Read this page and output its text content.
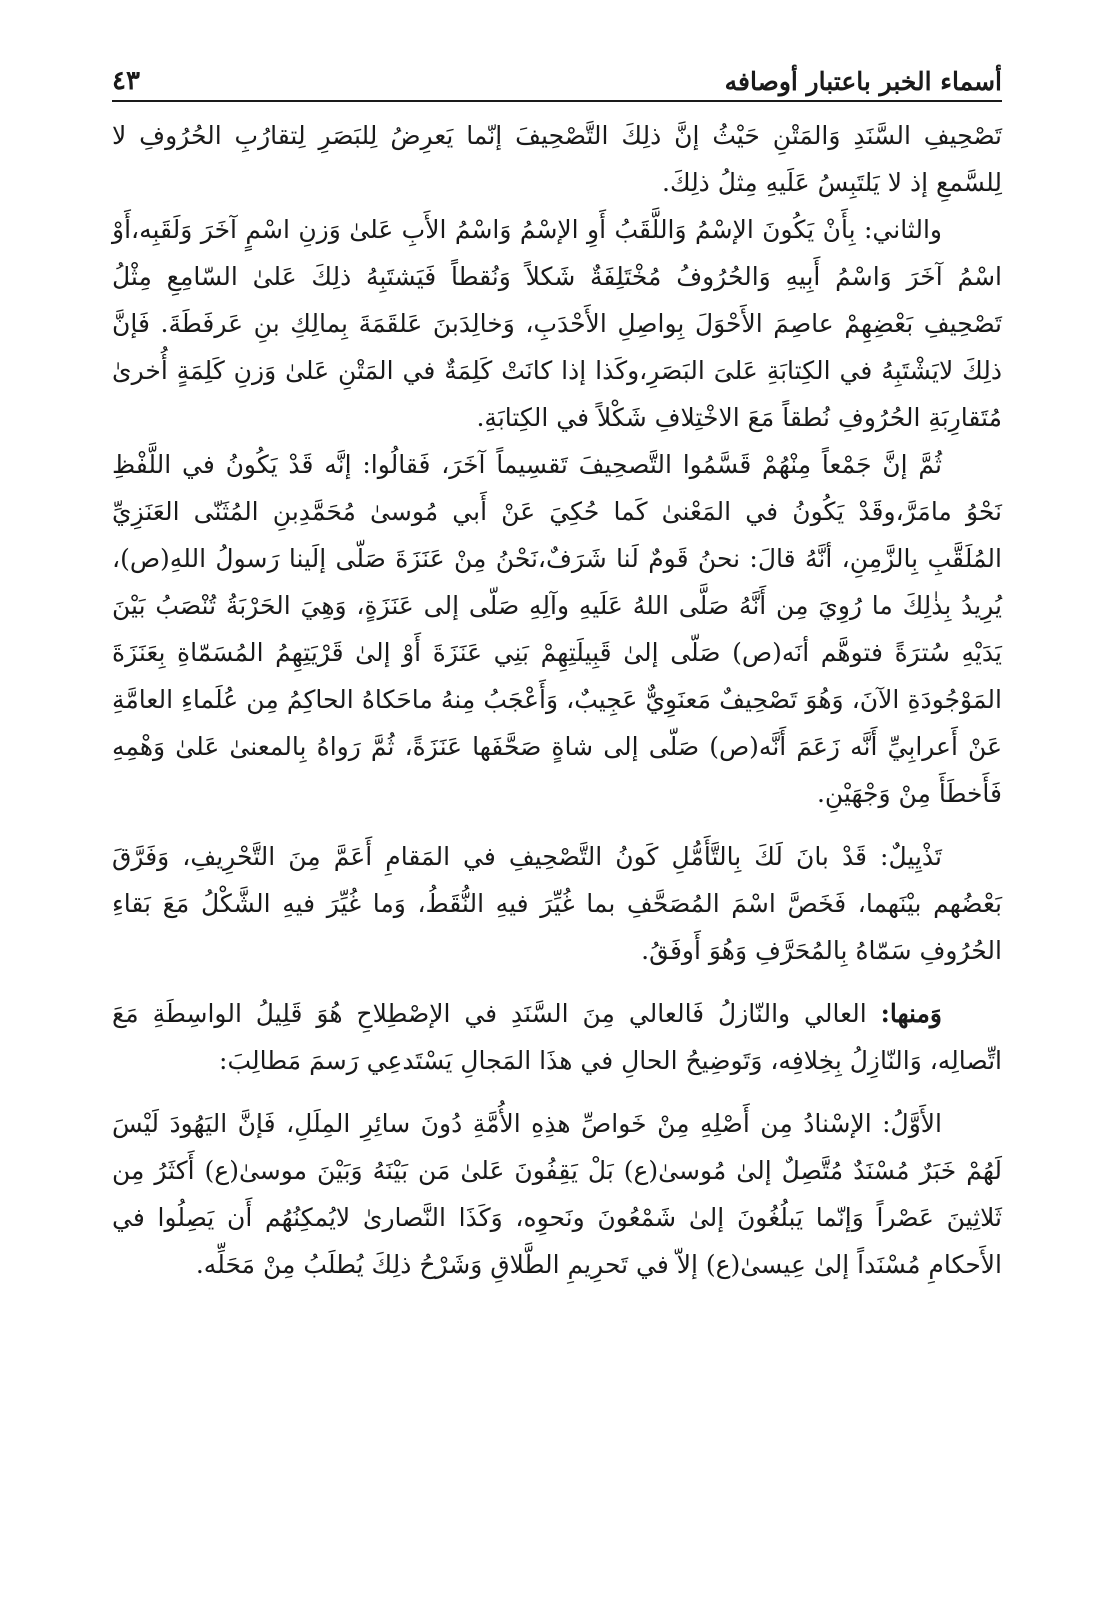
أسماء الخبر باعتبار أوصافه
٤٣

تَصْحِيفِ السَّنَدِ وَالمَتْنِ حَيْثُ إنَّ ذلِكَ التَّصْحِيفَ إنّما يَعرِضُ لِلبَصَرِ لِتقارُبِ الحُرُوفِ لا لِلسَّمعِ إذ لا يَلتَبِسُ عَلَيهِ مِثلُ ذلِكَ.

والثاني: بِأَنْ يَكُونَ الإسْمُ وَاللَّقَبُ أَوِ الإسْمُ وَاسْمُ الأَبِ عَلىٰ وَزنِ اسْمٍ آخَرَ وَلَقَبِه،أَوْ اسْمُ آخَرَ وَاسْمُ أَبِيهِ وَالحُرُوفُ مُخْتَلِفَةٌ شَكلاً وَنُقطاً فَيَشتَبِهُ ذلِكَ عَلىٰ السّامِعِ مِثْلُ تَصْحِيفِ بَعْضِهِمْ عاصِمَ الأَحْوَلَ بِواصِلِ الأَحْدَبِ، وَخالِدَبنَ عَلقَمَةَ بِمالِكِ بنِ عَرفَطَةَ. فَإنَّ ذلِكَ لايَشْتَبِهُ في الكِتابَةِ عَلىَ البَصَرِ،وكَذا إذا كانَتْ كَلِمَةٌ في المَتْنِ عَلىٰ وَزنِ كَلِمَةٍ أُخرىٰ مُتَقارِبَةِ الحُرُوفِ نُطقاً مَعَ الاخْتِلافِ شَكْلاً في الكِتابَةِ.

ثُمَّ إنَّ جَمْعاً مِنْهُمْ قَسَّمُوا التَّصحِيفَ تَقسِيماً آخَرَ، فَقالُوا: إنَّه قَدْ يَكُونُ في اللَّفْظِ نَحْوُ مامَرَّ،وقَدْ يَكُونُ في المَعْنىٰ كَما حُكِيَ عَنْ أَبي مُوسىٰ مُحَمَّدِبنِ المُثَنّى العَنَزِيِّ المُلَقَّبِ بِالزَّمِنِ، أنَّهُ قالَ: نحنُ قَومٌ لَنا شَرَفٌ،نَحْنُ مِنْ عَنَزَةَ صَلّى إلَينا رَسولُ اللهِ(ص)، يُرِيدُ بِذٰلِكَ ما رُوِيَ مِن أَنَّهُ صَلَّى اللهُ عَلَيهِ وآلِهِ صَلّى إلى عَنَزَةٍ، وَهِيَ الحَرْبَةُ تُنْصَبُ بَيْنَ يَدَيْهِ سُترَةً فتوهَّم أنَه(ص) صَلّى إلىٰ قَبِيلَتِهِمْ بَنِي عَنَزَةَ أَوْ إلىٰ قَرْيَتِهِمُ المُسَمّاةِ بِعَنَزَةَ المَوْجُودَةِ الآنَ، وَهُوَ تَصْحِيفٌ مَعنَوِيٌّ عَجِيبٌ، وَأَعْجَبُ مِنهُ ماحَكاهُ الحاكِمُ مِن عُلَماءِ العامَّةِ عَنْ أَعرابِيِّ أَنَّه زَعَمَ أَنَّه(ص) صَلّى إلى شاةٍ صَحَّفَها عَنَزَةً، ثُمَّ رَواهُ بِالمعنىٰ عَلىٰ وَهْمِهِ فَأَخطَأَ مِنْ وَجْهَيْنِ.

تَذْيِيلٌ: قَدْ بانَ لَكَ بِالتَّأَمُّلِ كَونُ التَّصْحِيفِ في المَقامِ أَعَمَّ مِنَ التَّحْرِيفِ، وَفَرَّقَ بَعْضُهم بيْنَهما، فَخَصَّ اسْمَ المُصَحَّفِ بما غُيِّرَ فيهِ النُّقَطُ، وَما غُيِّرَ فيهِ الشَّكْلُ مَعَ بَقاءِ الحُرُوفِ سَمّاهُ بِالمُحَرَّفِ وَهُوَ أَوفَقُ.

وَمنها: العالي والنّازلُ فَالعالي مِنَ السَّنَدِ في الإصْطِلاحِ هُوَ قَلِيلُ الواسِطَةِ مَعَ اتِّصالِه، وَالنّازِلُ بِخِلافِه، وَتَوضِيحُ الحالِ في هذَا المَجالِ يَسْتَدعِي رَسمَ مَطالِبَ:

الأَوَّلُ: الإسْنادُ مِن أَصْلِهِ مِنْ خَواصِّ هذِهِ الأُمَّةِ دُونَ سائِرِ المِلَلِ، فَإنَّ اليَهُودَ لَيْسَ لَهُمْ خَبَرٌ مُسْنَدٌ مُتَّصِلٌ إلىٰ مُوسىٰ(ع) بَلْ يَقِفُونَ عَلىٰ مَن بَيْنَهُ وَبَيْنَ موسىٰ(ع) أَكثَرُ مِن ثَلاثِينَ عَصْراً وَإنّما يَبلُغُونَ إلىٰ شَمْعُونَ ونَحوِه، وَكَذَا النَّصارىٰ لايُمكِنُهُم أَن يَصِلُوا في الأَحكامِ مُسْنَداً إلىٰ عِيسىٰ(ع) إلاّ في تَحرِيمِ الطَّلاقِ وَشَرْحُ ذلِكَ يُطلَبُ مِنْ مَحَلِّه.
